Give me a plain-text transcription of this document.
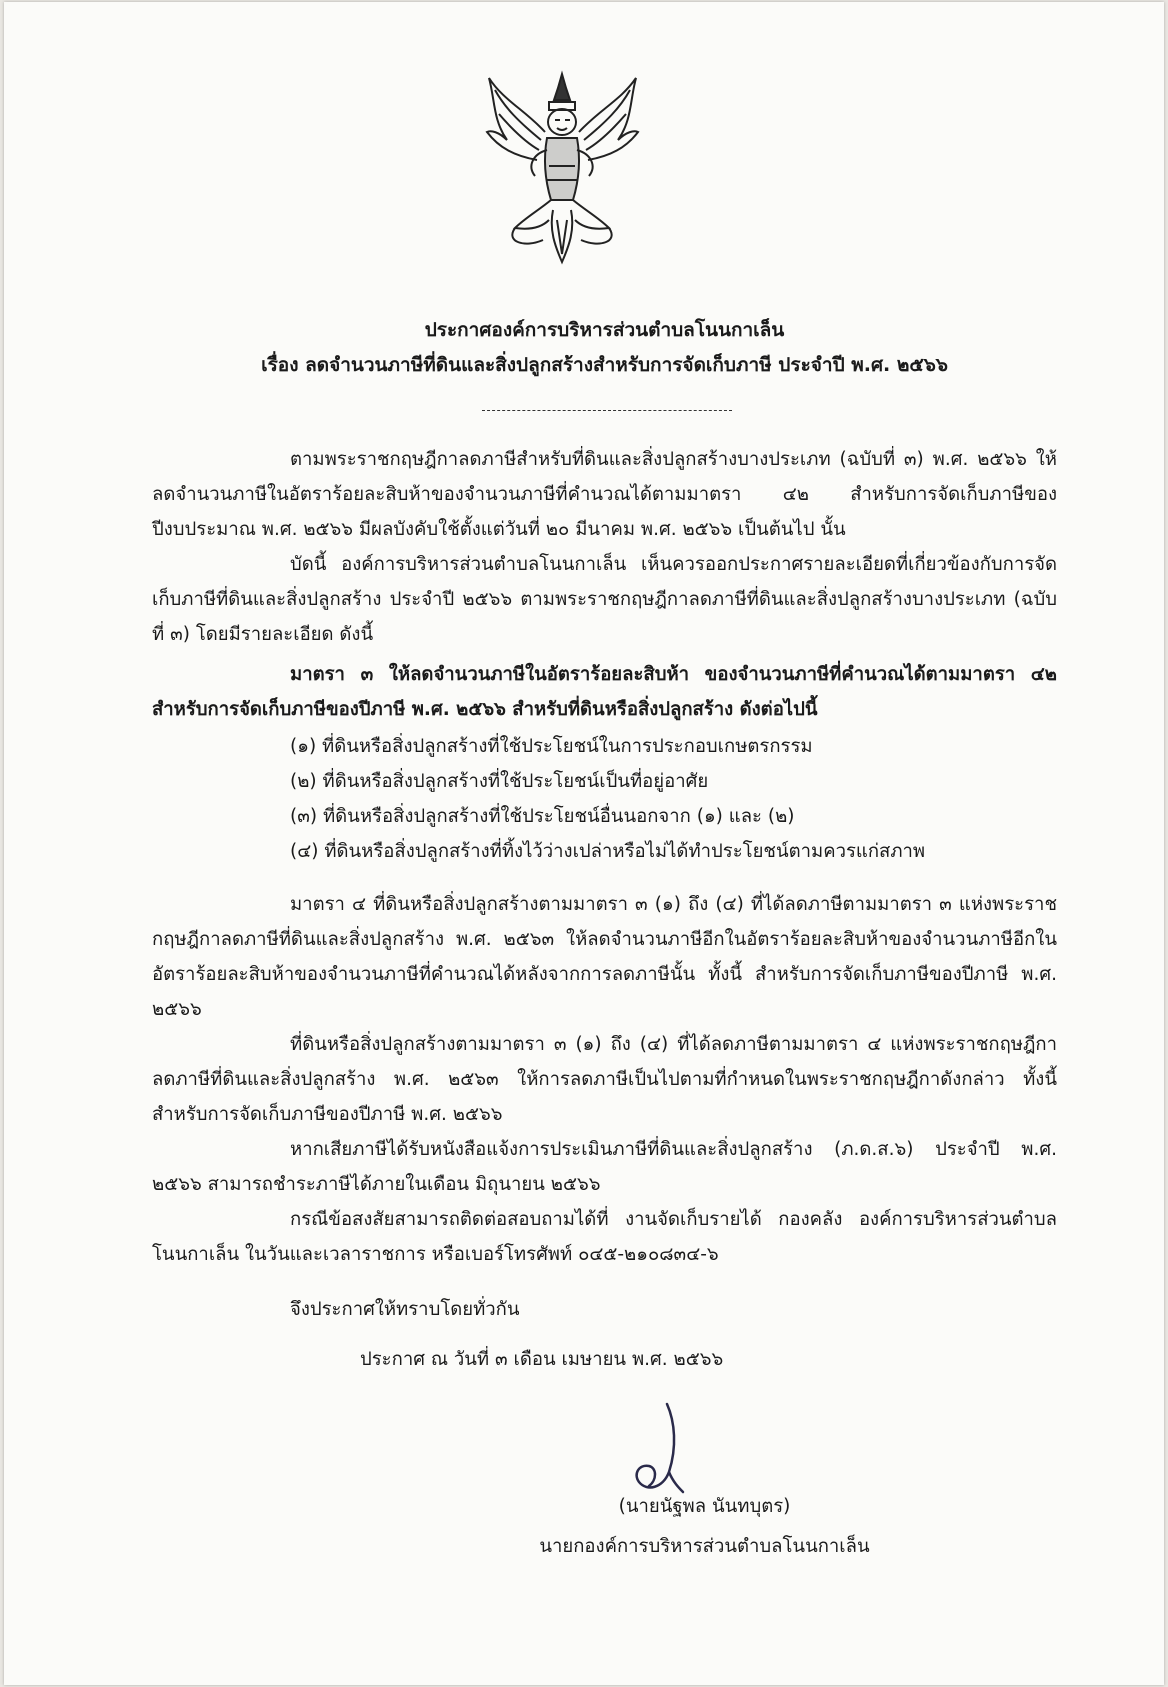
ประกาศองค์การบริหารส่วนตำบลโนนกาเล็น
เรื่อง ลดจำนวนภาษีที่ดินและสิ่งปลูกสร้างสำหรับการจัดเก็บภาษี ประจำปี พ.ศ. ๒๕๖๖

ตามพระราชกฤษฎีกาลดภาษีสำหรับที่ดินและสิ่งปลูกสร้างบางประเภท (ฉบับที่ ๓) พ.ศ. ๒๕๖๖ ให้ลดจำนวนภาษีในอัตราร้อยละสิบห้าของจำนวนภาษีที่คำนวณได้ตามมาตรา ๔๒ สำหรับการจัดเก็บภาษีของปีงบประมาณ พ.ศ. ๒๕๖๖ มีผลบังคับใช้ตั้งแต่วันที่ ๒๐ มีนาคม พ.ศ. ๒๕๖๖ เป็นต้นไป นั้น

บัดนี้ องค์การบริหารส่วนตำบลโนนกาเล็น เห็นควรออกประกาศรายละเอียดที่เกี่ยวข้องกับการจัดเก็บภาษีที่ดินและสิ่งปลูกสร้าง ประจำปี ๒๕๖๖ ตามพระราชกฤษฎีกาลดภาษีที่ดินและสิ่งปลูกสร้างบางประเภท (ฉบับที่ ๓) โดยมีรายละเอียด ดังนี้

มาตรา ๓ ให้ลดจำนวนภาษีในอัตราร้อยละสิบห้า ของจำนวนภาษีที่คำนวณได้ตามมาตรา ๔๒ สำหรับการจัดเก็บภาษีของปีภาษี พ.ศ. ๒๕๖๖ สำหรับที่ดินหรือสิ่งปลูกสร้าง ดังต่อไปนี้

(๑) ที่ดินหรือสิ่งปลูกสร้างที่ใช้ประโยชน์ในการประกอบเกษตรกรรม

(๒) ที่ดินหรือสิ่งปลูกสร้างที่ใช้ประโยชน์เป็นที่อยู่อาศัย

(๓) ที่ดินหรือสิ่งปลูกสร้างที่ใช้ประโยชน์อื่นนอกจาก (๑) และ (๒)

(๔) ที่ดินหรือสิ่งปลูกสร้างที่ทิ้งไว้ว่างเปล่าหรือไม่ได้ทำประโยชน์ตามควรแก่สภาพ

มาตรา ๔ ที่ดินหรือสิ่งปลูกสร้างตามมาตรา ๓ (๑) ถึง (๔) ที่ได้ลดภาษีตามมาตรา ๓ แห่งพระราชกฤษฎีกาลดภาษีที่ดินและสิ่งปลูกสร้าง พ.ศ. ๒๕๖๓ ให้ลดจำนวนภาษีอีกในอัตราร้อยละสิบห้าของจำนวนภาษีอีกในอัตราร้อยละสิบห้าของจำนวนภาษีที่คำนวณได้หลังจากการลดภาษีนั้น ทั้งนี้ สำหรับการจัดเก็บภาษีของปีภาษี พ.ศ. ๒๕๖๖

ที่ดินหรือสิ่งปลูกสร้างตามมาตรา ๓ (๑) ถึง (๔) ที่ได้ลดภาษีตามมาตรา ๔ แห่งพระราชกฤษฎีกาลดภาษีที่ดินและสิ่งปลูกสร้าง พ.ศ. ๒๕๖๓ ให้การลดภาษีเป็นไปตามที่กำหนดในพระราชกฤษฎีกาดังกล่าว ทั้งนี้ สำหรับการจัดเก็บภาษีของปีภาษี พ.ศ. ๒๕๖๖

หากเสียภาษีได้รับหนังสือแจ้งการประเมินภาษีที่ดินและสิ่งปลูกสร้าง (ภ.ด.ส.๖) ประจำปี พ.ศ. ๒๕๖๖ สามารถชำระภาษีได้ภายในเดือน มิถุนายน ๒๕๖๖

กรณีข้อสงสัยสามารถติดต่อสอบถามได้ที่ งานจัดเก็บรายได้ กองคลัง องค์การบริหารส่วนตำบลโนนกาเล็น ในวันและเวลาราชการ หรือเบอร์โทรศัพท์ ๐๔๕-๒๑๐๘๓๔-๖

จึงประกาศให้ทราบโดยทั่วกัน

ประกาศ ณ วันที่ ๓ เดือน เมษายน พ.ศ. ๒๕๖๖

(นายนัฐพล นันทบุตร)
นายกองค์การบริหารส่วนตำบลโนนกาเล็น
